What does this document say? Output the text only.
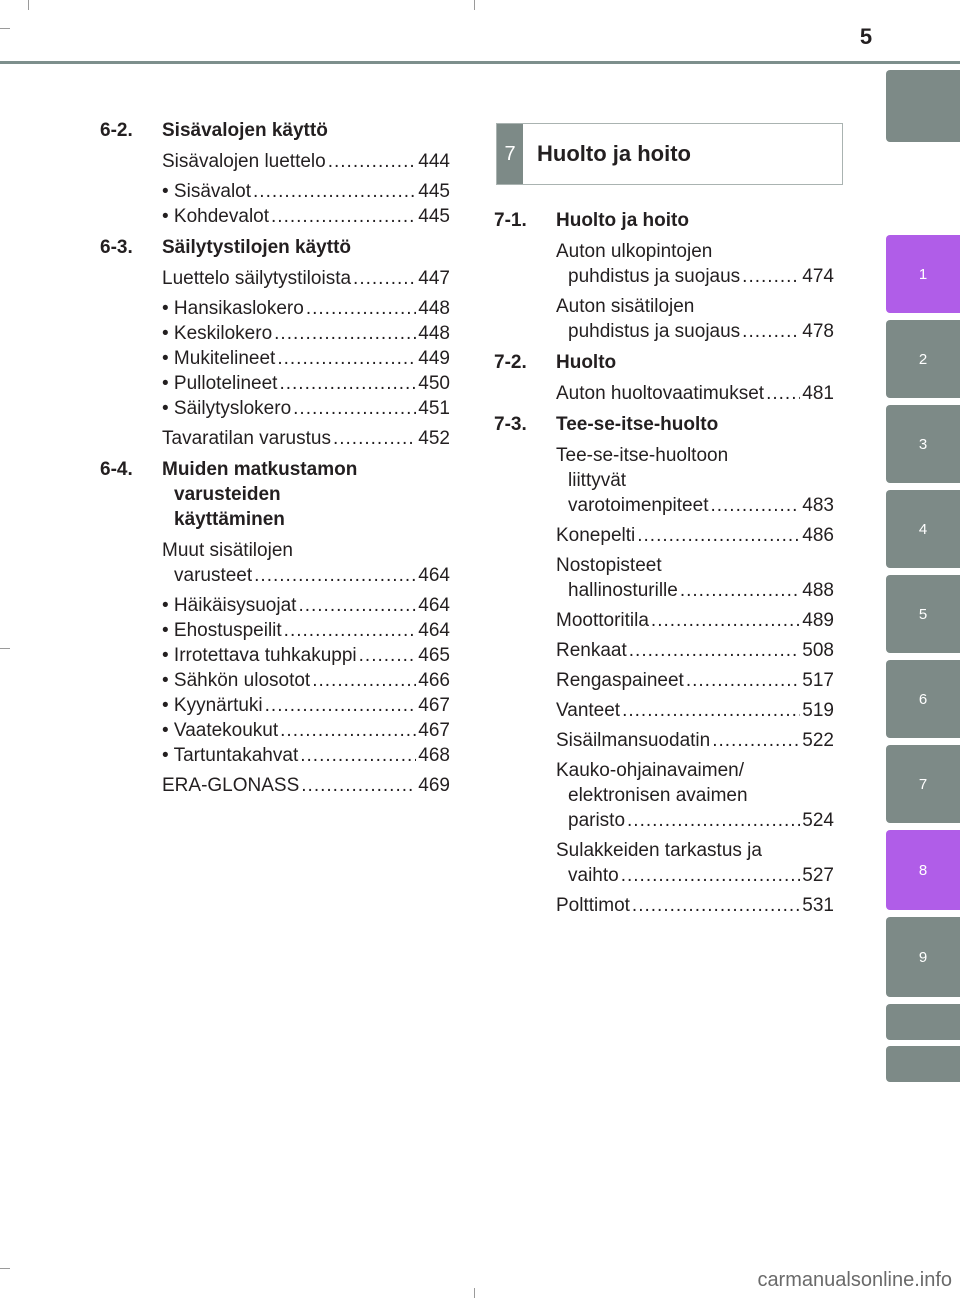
5
1
2
3
4
5
6
7
8
9
6-2.	Sisävalojen käyttö
Sisävalojen luettelo .....	444
• Sisävalot .....	445
• Kohdevalot .....	445
6-3.	Säilytystilojen käyttö
Luettelo säilytystiloista .....	447
• Hansikaslokero .....	448
• Keskilokero .....	448
• Mukitelineet .....	449
• Pullotelineet .....	450
• Säilytyslokero .....	451
Tavaratilan varustus .....	452
6-4.	Muiden matkustamon
varusteiden
käyttäminen
Muut sisätilojen
varusteet .....	464
• Häikäisysuojat .....	464
• Ehostuspeilit .....	464
• Irrotettava tuhkakuppi .....	465
• Sähkön ulosotot .....	466
• Kyynärtuki .....	467
• Vaatekoukut .....	467
• Tartuntakahvat .....	468
ERA-GLONASS .....	469
7 Huolto ja hoito
7-1.	Huolto ja hoito
Auton ulkopintojen
puhdistus ja suojaus .....	474
Auton sisätilojen
puhdistus ja suojaus .....	478
7-2.	Huolto
Auton huoltovaatimukset ..... 481
7-3.	Tee-se-itse-huolto
Tee-se-itse-huoltoon
liittyvät
varotoimenpiteet .....	483
Konepelti .....	486
Nostopisteet
hallinosturille .....	488
Moottoritila .....	489
Renkaat .....	508
Rengaspaineet .....	517
Vanteet .....	519
Sisäilmansuodatin .....	522
Kauko-ohjainavaimen/
elektronisen avaimen
paristo .....	524
Sulakkeiden tarkastus ja
vaihto .....	527
Polttimot .....	531
carmanualsonline.info
